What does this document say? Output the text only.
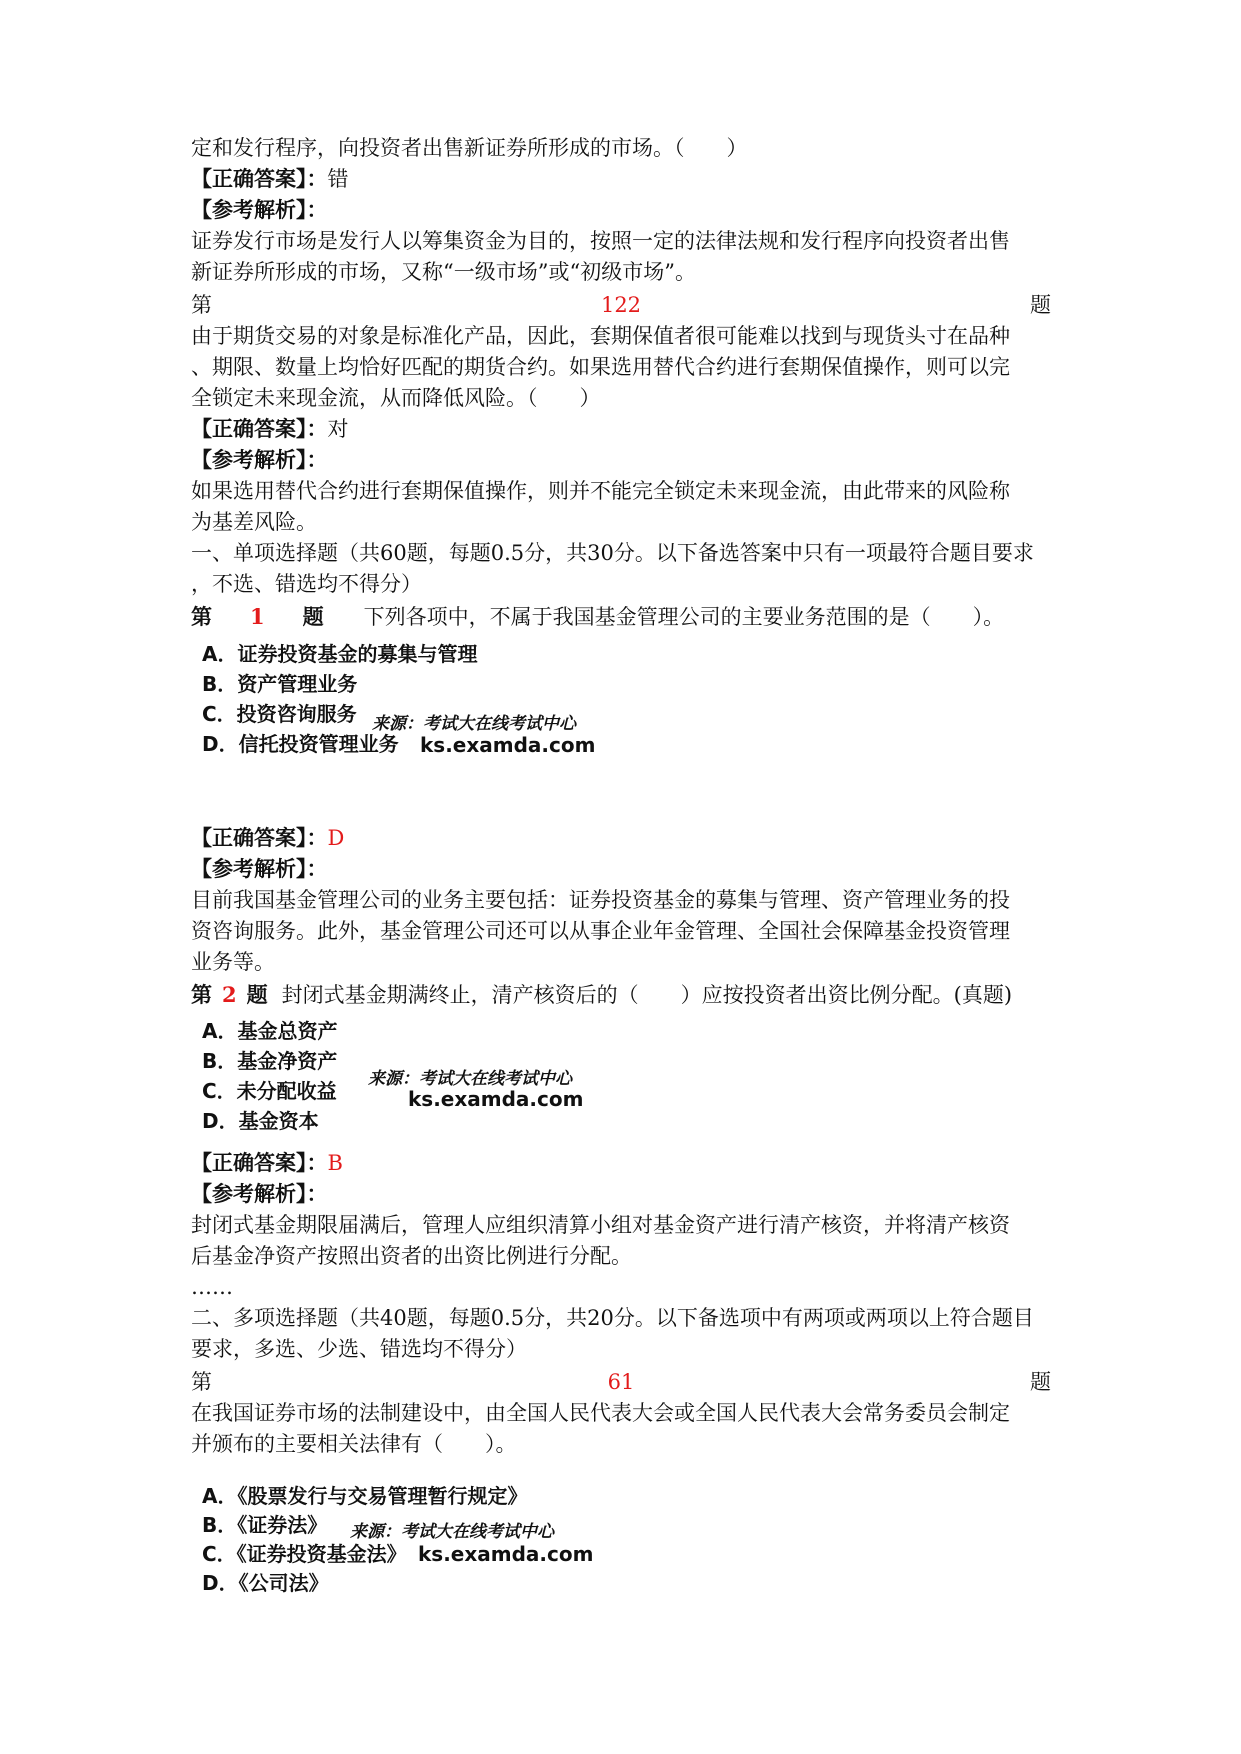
定和发行程序，向投资者出售新证券所形成的市场。（　　）
【正确答案】：错
【参考解析】：
证券发行市场是发行人以筹集资金为目的，按照一定的法律法规和发行程序向投资者出售
新证券所形成的市场，又称“一级市场”或“初级市场”。
第	122	题
由于期货交易的对象是标准化产品，因此，套期保值者很可能难以找到与现货头寸在品种
、期限、数量上均恰好匹配的期货合约。如果选用替代合约进行套期保值操作，则可以完
全锁定未来现金流，从而降低风险。（　　）
【正确答案】：对
【参考解析】：
如果选用替代合约进行套期保值操作，则并不能完全锁定未来现金流，由此带来的风险称
为基差风险。
一、单项选择题（共60题，每题0.5分，共30分。以下备选答案中只有一项最符合题目要求
，不选、错选均不得分）
第 1 题 下列各项中，不属于我国基金管理公司的主要业务范围的是（　　）。
A．证券投资基金的募集与管理
B．资产管理业务
C．投资咨询服务
D．信托投资管理业务
来源：考试大在线考试中心
ks.examda.com
【正确答案】：D
【参考解析】：
目前我国基金管理公司的业务主要包括：证券投资基金的募集与管理、资产管理业务的投
资咨询服务。此外，基金管理公司还可以从事企业年金管理、全国社会保障基金投资管理
业务等。
第 2 题 封闭式基金期满终止，清产核资后的（　　）应按投资者出资比例分配。(真题)
A．基金总资产
B．基金净资产
C．未分配收益
D．基金资本
来源：考试大在线考试中心
ks.examda.com
【正确答案】：B
【参考解析】：
封闭式基金期限届满后，管理人应组织清算小组对基金资产进行清产核资，并将清产核资
后基金净资产按照出资者的出资比例进行分配。
……
二、多项选择题（共40题，每题0.5分，共20分。以下备选项中有两项或两项以上符合题目
要求，多选、少选、错选均不得分）
第	61	题
在我国证券市场的法制建设中，由全国人民代表大会或全国人民代表大会常务委员会制定
并颁布的主要相关法律有（　　）。
A．《股票发行与交易管理暂行规定》
B．《证券法》
C．《证券投资基金法》
D．《公司法》
来源：考试大在线考试中心
ks.examda.com
